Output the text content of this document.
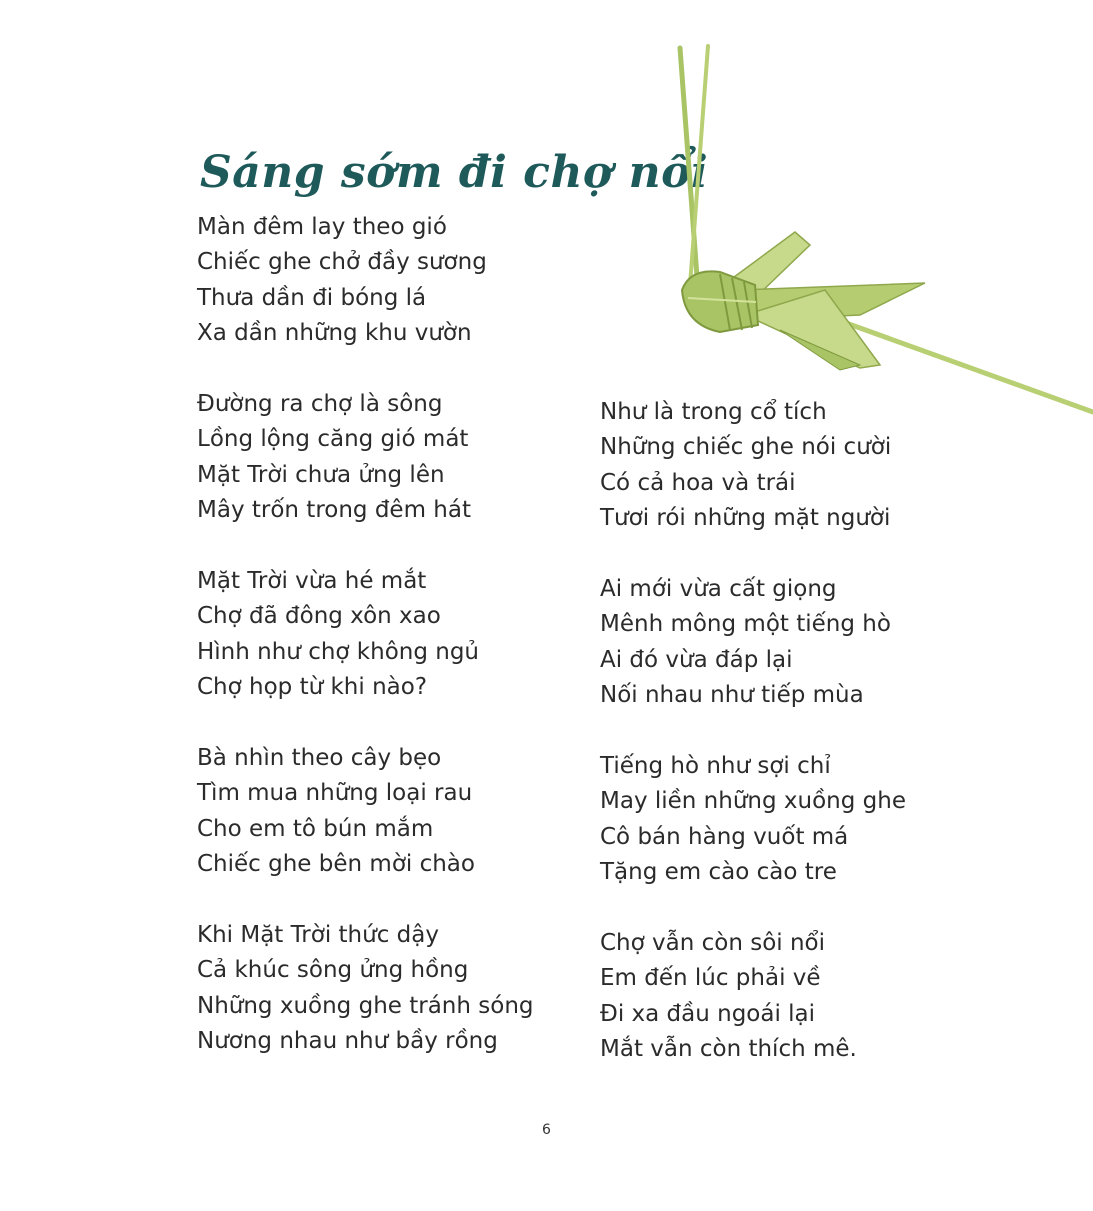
Sáng sớm đi chợ nổi
Màn đêm lay theo gió
Chiếc ghe chở đầy sương
Thưa dần đi bóng lá
Xa dần những khu vườn
Đường ra chợ là sông
Lồng lộng căng gió mát
Mặt Trời chưa ửng lên
Mây trốn trong đêm hát
Mặt Trời vừa hé mắt
Chợ đã đông xôn xao
Hình như chợ không ngủ
Chợ họp từ khi nào?
Bà nhìn theo cây bẹo
Tìm mua những loại rau
Cho em tô bún mắm
Chiếc ghe bên mời chào
Khi Mặt Trời thức dậy
Cả khúc sông ửng hồng
Những xuồng ghe tránh sóng
Nương nhau như bầy rồng
Như là trong cổ tích
Những chiếc ghe nói cười
Có cả hoa và trái
Tươi rói những mặt người
Ai mới vừa cất giọng
Mênh mông một tiếng hò
Ai đó vừa đáp lại
Nối nhau như tiếp mùa
Tiếng hò như sợi chỉ
May liền những xuồng ghe
Cô bán hàng vuốt má
Tặng em cào cào tre
Chợ vẫn còn sôi nổi
Em đến lúc phải về
Đi xa đầu ngoái lại
Mắt vẫn còn thích mê.
6
